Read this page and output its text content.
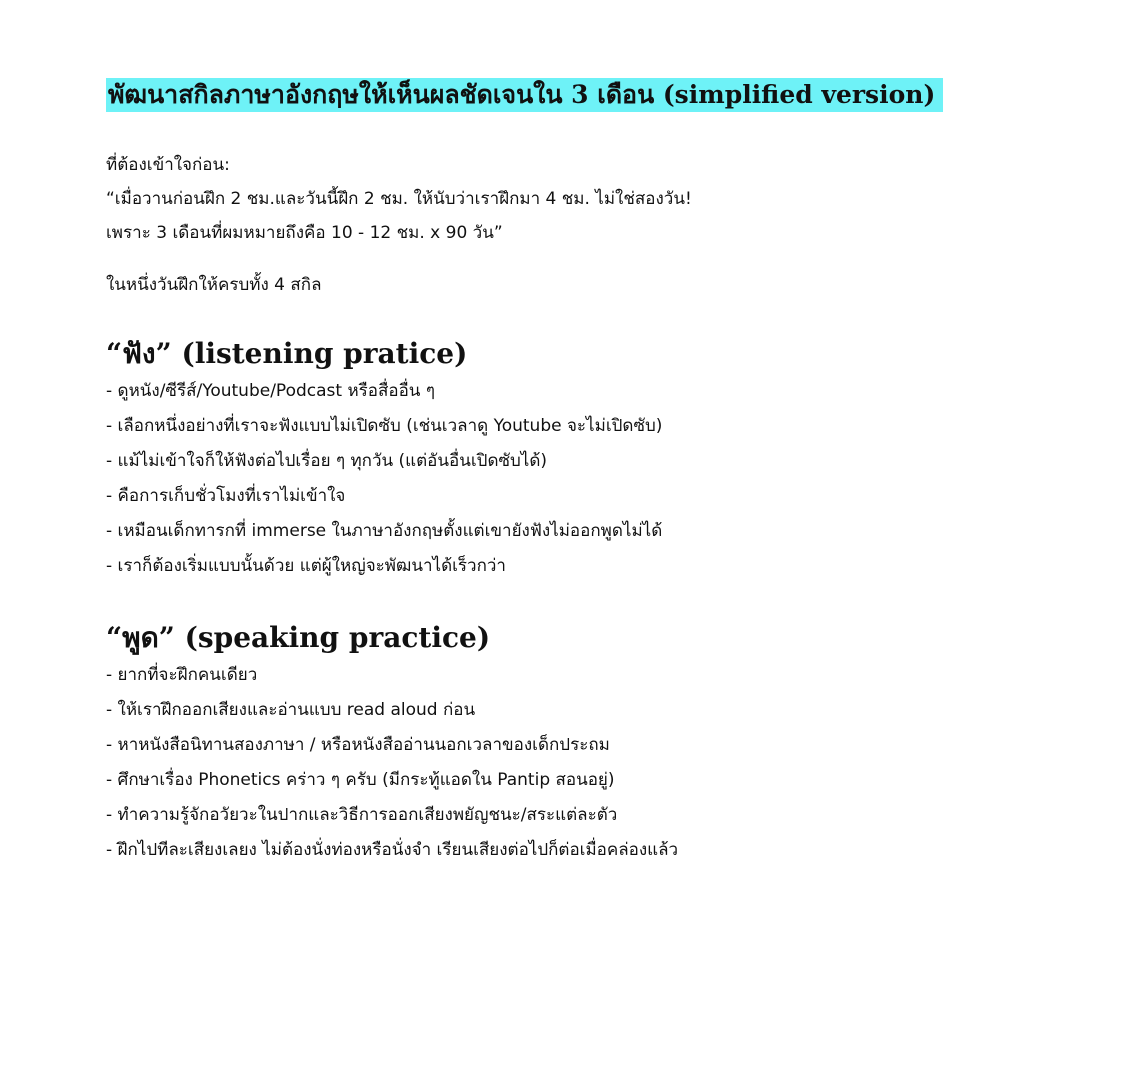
พัฒนาสกิลภาษาอังกฤษให้เห็นผลชัดเจนใน 3 เดือน (simplified version)

ที่ต้องเข้าใจก่อน:

“เมื่อวานก่อนฝึก 2 ชม.และวันนี้ฝึก 2 ชม. ให้นับว่าเราฝึกมา 4 ชม. ไม่ใช่สองวัน!

เพราะ 3 เดือนที่ผมหมายถึงคือ 10 - 12 ชม. x 90 วัน”

ในหนึ่งวันฝึกให้ครบทั้ง 4 สกิล

“ฟัง” (listening pratice)
- ดูหนัง/ซีรีส์/Youtube/Podcast หรือสื่ออื่น ๆ
- เลือกหนึ่งอย่างที่เราจะฟังแบบไม่เปิดซับ (เช่นเวลาดู Youtube จะไม่เปิดซับ)
- แม้ไม่เข้าใจก็ให้ฟังต่อไปเรื่อย ๆ ทุกวัน (แต่อันอื่นเปิดซับได้)
- คือการเก็บชั่วโมงที่เราไม่เข้าใจ
- เหมือนเด็กทารกที่ immerse ในภาษาอังกฤษตั้งแต่เขายังฟังไม่ออกพูดไม่ได้
- เราก็ต้องเริ่มแบบนั้นด้วย แต่ผู้ใหญ่จะพัฒนาได้เร็วกว่า
“พูด” (speaking practice)
- ยากที่จะฝึกคนเดียว
- ให้เราฝึกออกเสียงและอ่านแบบ read aloud ก่อน
- หาหนังสือนิทานสองภาษา / หรือหนังสืออ่านนอกเวลาของเด็กประถม
- ศึกษาเรื่อง Phonetics คร่าว ๆ ครับ (มีกระทู้แอดใน Pantip สอนอยู่)
- ทำความรู้จักอวัยวะในปากและวิธีการออกเสียงพยัญชนะ/สระแต่ละตัว
- ฝึกไปทีละเสียงเลยง ไม่ต้องนั่งท่องหรือนั่งจำ เรียนเสียงต่อไปก็ต่อเมื่อคล่องแล้ว
